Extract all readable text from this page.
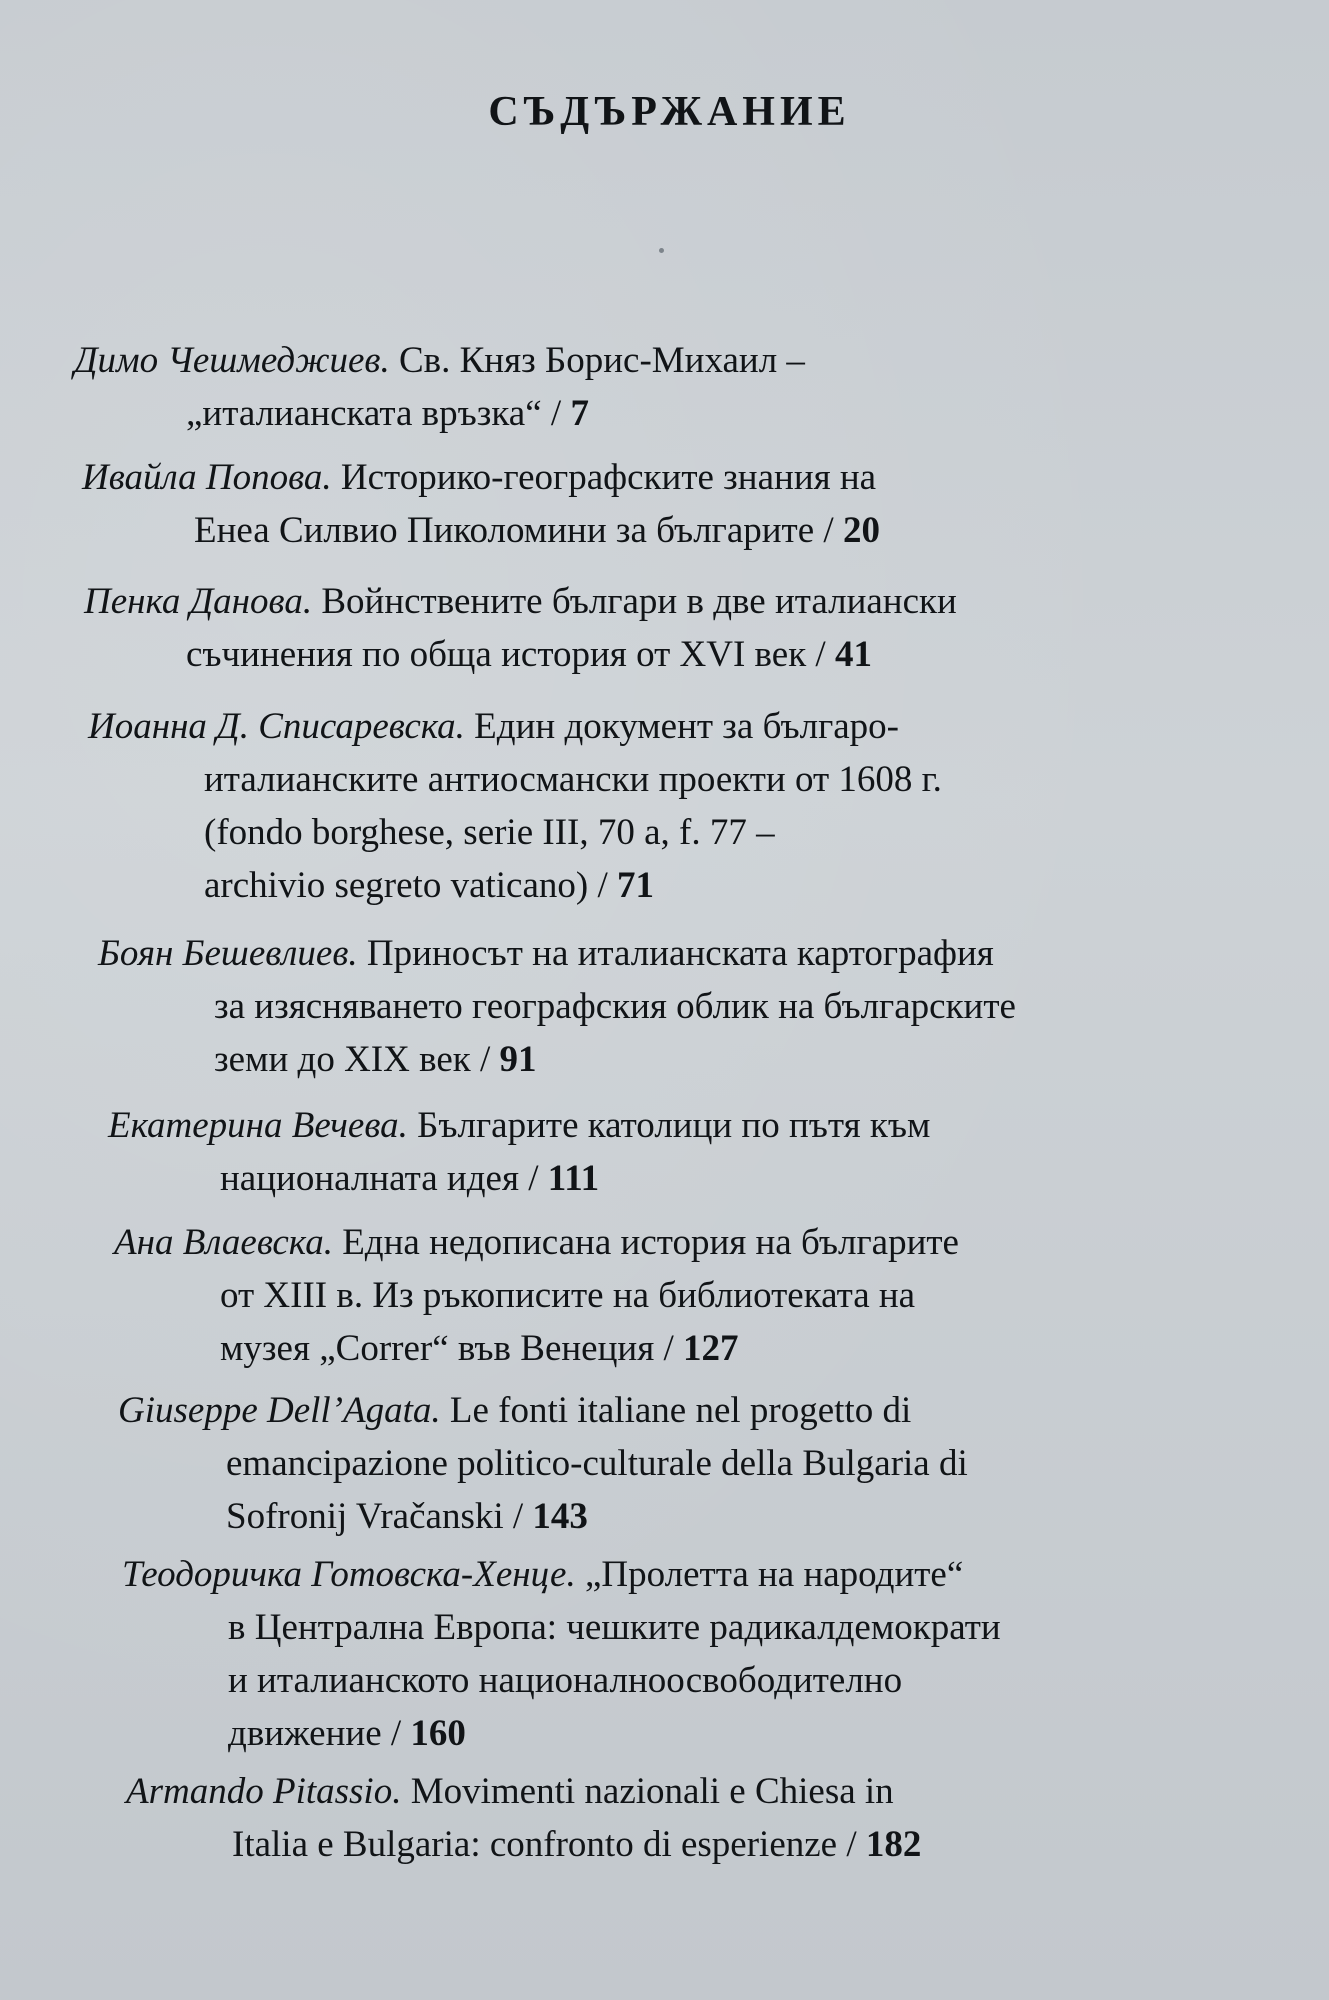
СЪДЪРЖАНИЕ
Димо Чешмеджиев. Св. Княз Борис-Михаил –
„италианската връзка“ / 7
Ивайла Попова. Историко-географските знания на
Енеа Силвио Пиколомини за българите / 20
Пенка Данова. Войнствените българи в две италиански
съчинения по обща история от XVI век / 41
Иоанна Д. Списаревска. Един документ за българо-
италианските антиосмански проекти от 1608 г.
(fondo borghese, serie III, 70 a, f. 77 –
archivio segreto vaticano) / 71
Боян Бешевлиев. Приносът на италианската картография
за изясняването географския облик на българските
земи до XIX век / 91
Екатерина Вечева. Българите католици по пътя към
националната идея / 111
Ана Влаевска. Една недописана история на българите
от XIII в. Из ръкописите на библиотеката на
музея „Correr“ във Венеция / 127
Giuseppe Dell’Agata. Le fonti italiane nel progetto di
emancipazione politico-culturale della Bulgaria di
Sofronij Vračanski / 143
Теодоричка Готовска-Хенце. „Пролетта на народите“
в Централна Европа: чешките радикалдемократи
и италианското националноосвободително
движение / 160
Armando Pitassio. Movimenti nazionali e Chiesa in
Italia e Bulgaria: confronto di esperienze / 182
